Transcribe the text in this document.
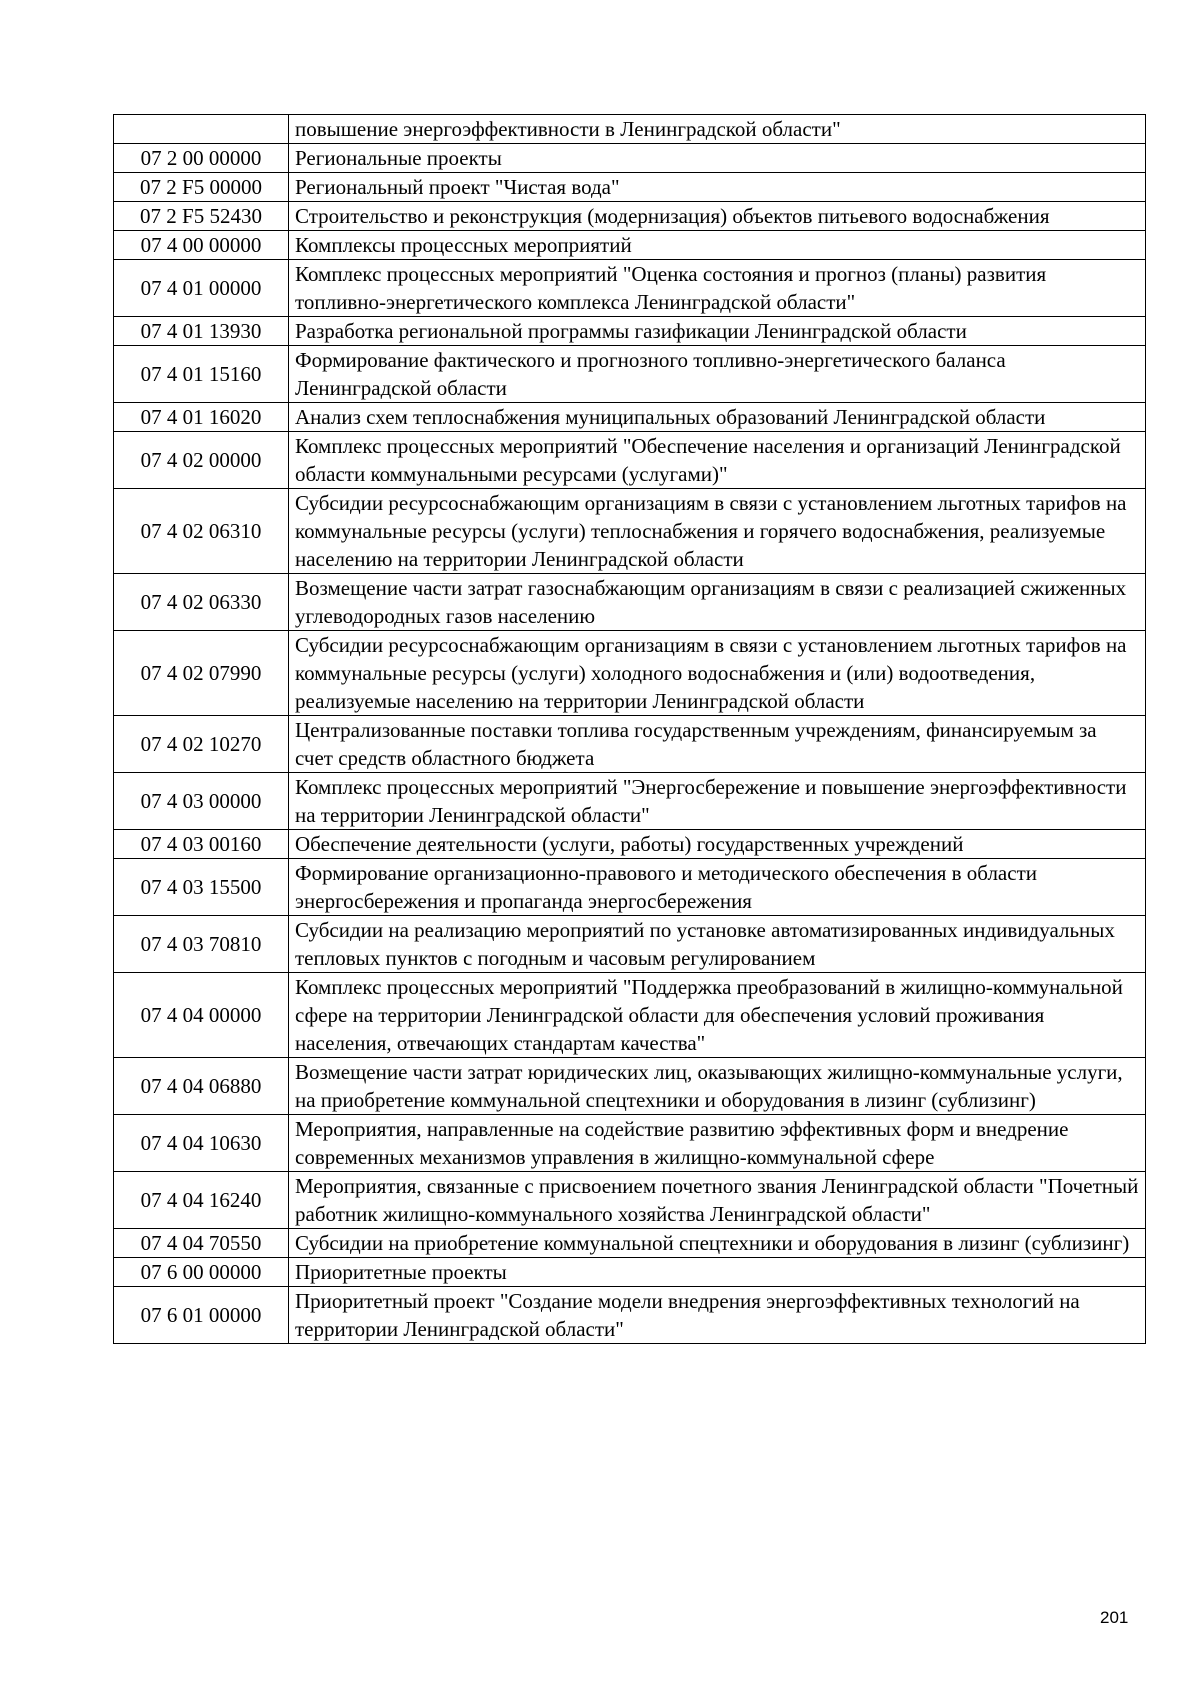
	повышение энергоэффективности в Ленинградской области"
07 2 00 00000	Региональные проекты
07 2 F5 00000	Региональный проект "Чистая вода"
07 2 F5 52430	Строительство и реконструкция (модернизация) объектов питьевого водоснабжения
07 4 00 00000	Комплексы процессных мероприятий
07 4 01 00000	Комплекс процессных мероприятий "Оценка состояния и прогноз (планы) развития топливно-энергетического комплекса Ленинградской области"
07 4 01 13930	Разработка региональной программы газификации Ленинградской области
07 4 01 15160	Формирование фактического и прогнозного топливно-энергетического баланса Ленинградской области
07 4 01 16020	Анализ схем теплоснабжения муниципальных образований Ленинградской области
07 4 02 00000	Комплекс процессных мероприятий "Обеспечение населения и организаций Ленинградской области коммунальными ресурсами (услугами)"
07 4 02 06310	Субсидии ресурсоснабжающим организациям в связи с установлением льготных тарифов на коммунальные ресурсы (услуги) теплоснабжения и горячего водоснабжения, реализуемые населению на территории Ленинградской области
07 4 02 06330	Возмещение части затрат газоснабжающим организациям в связи с реализацией сжиженных углеводородных газов населению
07 4 02 07990	Субсидии ресурсоснабжающим организациям в связи с установлением льготных тарифов на коммунальные ресурсы (услуги) холодного водоснабжения и (или) водоотведения, реализуемые населению на территории Ленинградской области
07 4 02 10270	Централизованные поставки топлива государственным учреждениям, финансируемым за счет средств областного бюджета
07 4 03 00000	Комплекс процессных мероприятий "Энергосбережение и повышение энергоэффективности на территории Ленинградской области"
07 4 03 00160	Обеспечение деятельности (услуги, работы) государственных учреждений
07 4 03 15500	Формирование организационно-правового и методического обеспечения в области энергосбережения и пропаганда энергосбережения
07 4 03 70810	Субсидии на реализацию мероприятий по установке автоматизированных индивидуальных тепловых пунктов с погодным и часовым регулированием
07 4 04 00000	Комплекс процессных мероприятий "Поддержка преобразований в жилищно-коммунальной сфере на территории Ленинградской области для обеспечения условий проживания населения, отвечающих стандартам качества"
07 4 04 06880	Возмещение части затрат юридических лиц, оказывающих жилищно-коммунальные услуги, на приобретение коммунальной спецтехники и оборудования в лизинг (сублизинг)
07 4 04 10630	Мероприятия, направленные на содействие развитию эффективных форм и внедрение современных механизмов управления в жилищно-коммунальной сфере
07 4 04 16240	Мероприятия, связанные с присвоением почетного звания Ленинградской области "Почетный работник жилищно-коммунального хозяйства Ленинградской области"
07 4 04 70550	Субсидии на приобретение коммунальной спецтехники и оборудования в лизинг (сублизинг)
07 6 00 00000	Приоритетные проекты
07 6 01 00000	Приоритетный проект "Создание модели внедрения энергоэффективных технологий на территории Ленинградской области"
201
